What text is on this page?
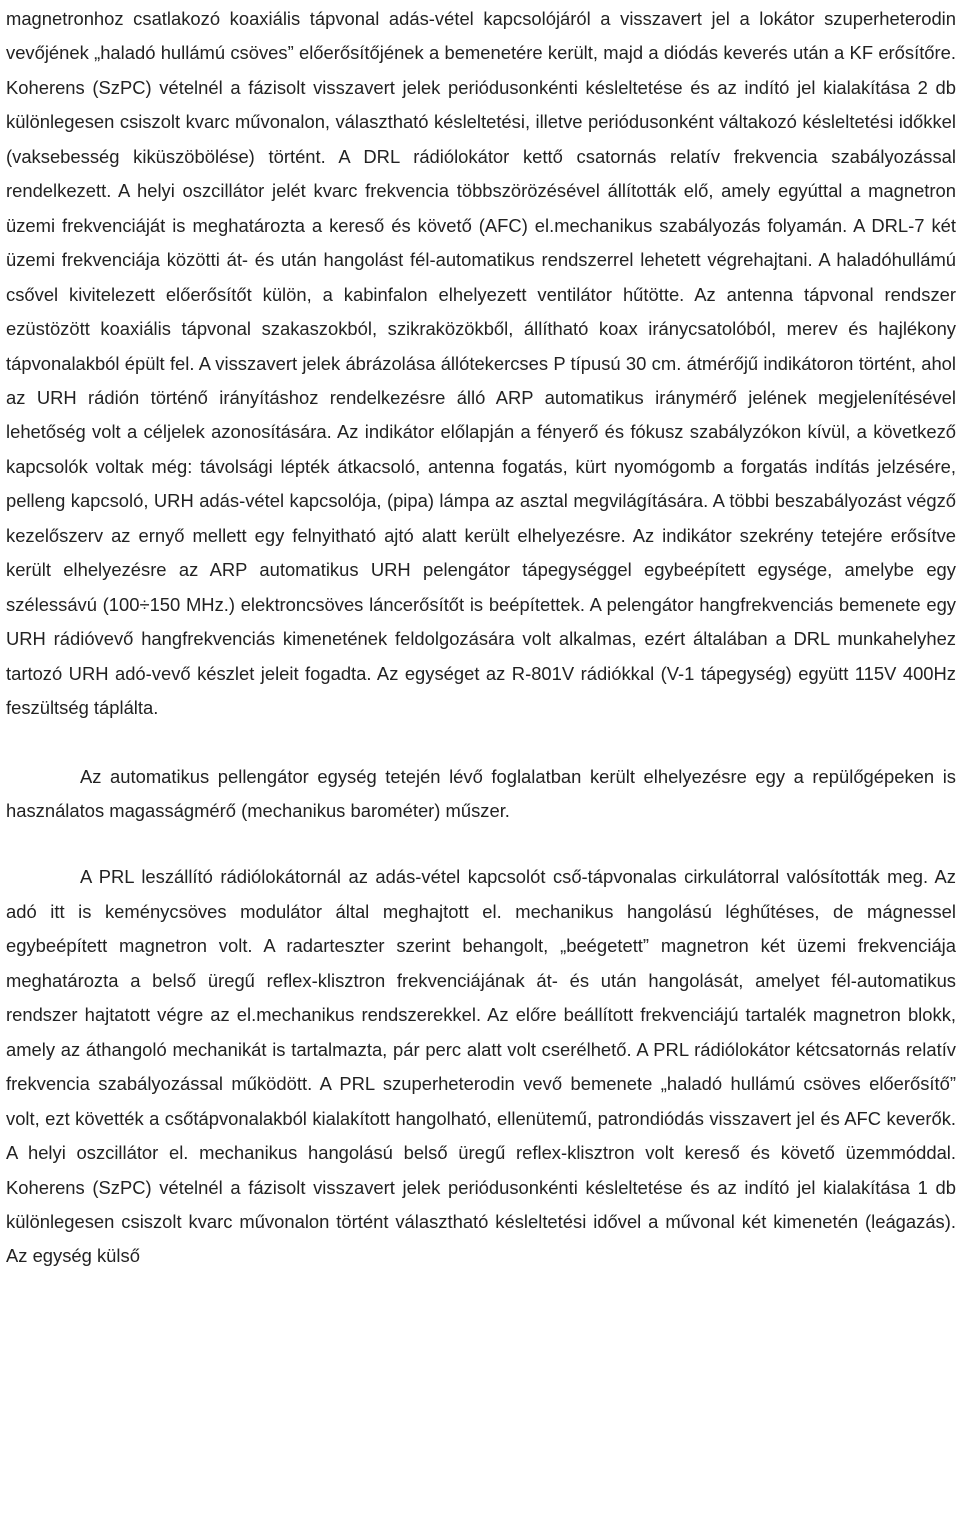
magnetronhoz csatlakozó koaxiális tápvonal adás-vétel kapcsolójáról a visszavert jel a lokátor szuperheterodin vevőjének „haladó hullámú csöves” előerősítőjének a bemenetére került, majd a diódás keverés után a KF erősítőre. Koherens (SzPC) vételnél a fázisolt visszavert jelek periódusonkénti késleltetése és az indító jel kialakítása 2 db különlegesen csiszolt kvarc művonalon, választható késleltetési, illetve periódusonként váltakozó késleltetési időkkel (vaksebesség kiküszöbölése) történt. A DRL rádiólokátor kettő csatornás relatív frekvencia szabályozással rendelkezett. A helyi oszcillátor jelét kvarc frekvencia többszörözésével állították elő, amely egyúttal a magnetron üzemi frekvenciáját is meghatározta a kereső és követő (AFC) el.mechanikus szabályozás folyamán. A DRL-7 két üzemi frekvenciája közötti át- és után hangolást fél-automatikus rendszerrel lehetett végrehajtani. A haladóhullámú csővel kivitelezett előerősítőt külön, a kabinfalon elhelyezett ventilátor hűtötte. Az antenna tápvonal rendszer ezüstözött koaxiális tápvonal szakaszokból, szikraközökből, állítható koax iránycsatolóból, merev és hajlékony tápvonalakból épült fel. A visszavert jelek ábrázolása állótekercses P típusú 30 cm. átmérőjű indikátoron történt, ahol az URH rádión történő irányításhoz rendelkezésre álló ARP automatikus iránymérő jelének megjelenítésével lehetőség volt a céljelek azonosítására. Az indikátor előlapján a fényerő és fókusz szabályzókon kívül, a következő kapcsolók voltak még: távolsági lépték átkacsoló, antenna fogatás, kürt nyomógomb a forgatás indítás jelzésére, pelleng kapcsoló, URH adás-vétel kapcsolója, (pipa) lámpa az asztal megvilágítására. A többi beszabályozást végző kezelőszerv az ernyő mellett egy felnyitható ajtó alatt került elhelyezésre. Az indikátor szekrény tetejére erősítve került elhelyezésre az ARP automatikus URH pelengátor tápegységgel egybeépített egysége, amelybe egy szélessávú (100÷150 MHz.) elektroncsöves láncerősítőt is beépítettek. A pelengátor hangfrekvenciás bemenete egy URH rádióvevő hangfrekvenciás kimenetének feldolgozására volt alkalmas, ezért általában a DRL munkahelyhez tartozó URH adó-vevő készlet jeleit fogadta. Az egységet az R-801V rádiókkal (V-1 tápegység) együtt 115V 400Hz feszültség táplálta.

Az automatikus pellengátor egység tetején lévő foglalatban került elhelyezésre egy a repülőgépeken is használatos magasságmérő (mechanikus barométer) műszer.

A PRL leszállító rádiólokátornál az adás-vétel kapcsolót cső-tápvonalas cirkulátorral valósították meg. Az adó itt is keménycsöves modulátor által meghajtott el. mechanikus hangolású léghűtéses, de mágnessel egybeépített magnetron volt. A radarteszter szerint behangolt, „beégetett” magnetron két üzemi frekvenciája meghatározta a belső üregű reflex-klisztron frekvenciájának át- és után hangolását, amelyet fél-automatikus rendszer hajtatott végre az el.mechanikus rendszerekkel. Az előre beállított frekvenciájú tartalék magnetron blokk, amely az áthangoló mechanikát is tartalmazta, pár perc alatt volt cserélhető. A PRL rádiólokátor kétcsatornás relatív frekvencia szabályozással működött. A PRL szuperheterodin vevő bemenete „haladó hullámú csöves előerősítő” volt, ezt követték a csőtápvonalakból kialakított hangolható, ellenütemű, patrondiódás visszavert jel és AFC keverők. A helyi oszcillátor el. mechanikus hangolású belső üregű reflex-klisztron volt kereső és követő üzemmóddal. Koherens (SzPC) vételnél a fázisolt visszavert jelek periódusonkénti késleltetése és az indító jel kialakítása 1 db különlegesen csiszolt kvarc művonalon történt választható késleltetési idővel a művonal két kimenetén (leágazás). Az egység külső
